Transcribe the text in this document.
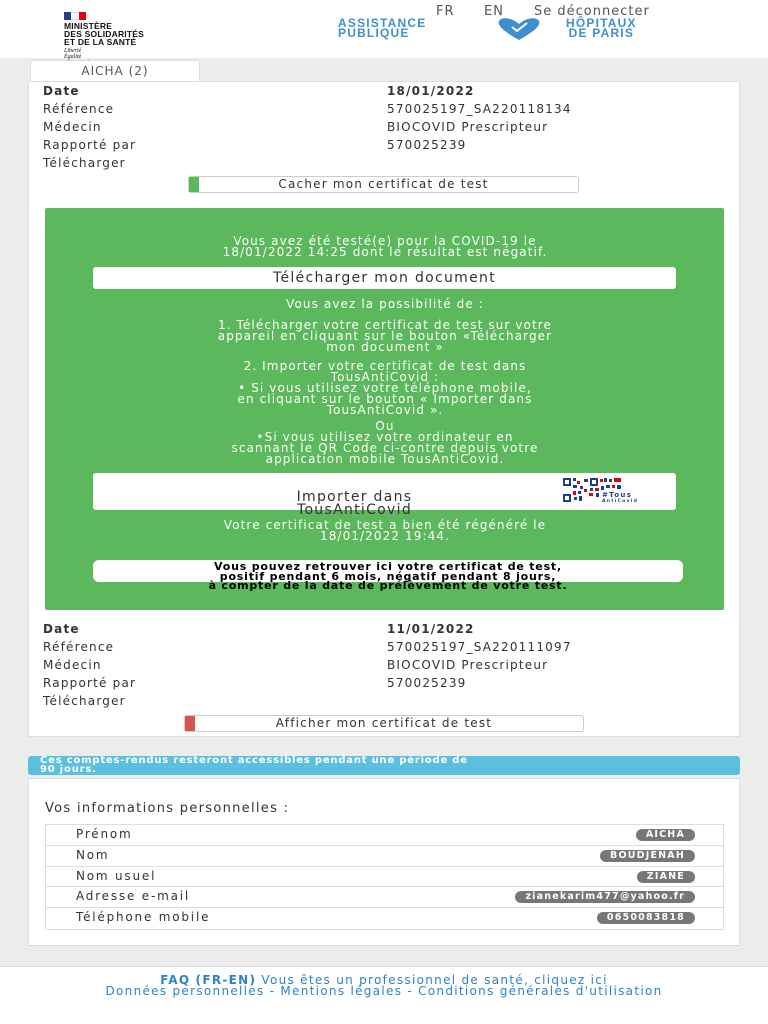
MINISTÈRE
DES SOLIDARITÉS
ET DE LA SANTÉ
Liberté
Égalité

FR EN Se déconnecter
ASSISTANCE
PUBLIQUE
HÔPITAUX
DE PARIS
AICHA (2)
Date	18/01/2022
Référence	570025197_SA220118134
Médecin	BIOCOVID Prescripteur
Rapporté par	570025239
Télécharger
Cacher mon certificat de test
Vous avez été testé(e) pour la COVID-19 le
18/01/2022 14:25 dont le résultat est négatif.
Télécharger mon document
Vous avez la possibilité de :
1. Télécharger votre certificat de test sur votre
appareil en cliquant sur le bouton «Télécharger
mon document »
2. Importer votre certificat de test dans
TousAntiCovid :
• Si vous utilisez votre téléphone mobile,
en cliquant sur le bouton « Importer dans
TousAntiCovid ».
Ou
•Si vous utilisez votre ordinateur en
scannant le QR Code ci-contre depuis votre
application mobile TousAntiCovid.

Importer dans
TousAntiCovid

#Tous
AntiCovid

Votre certificat de test a bien été régénéré le
18/01/2022 19:44.
Vous pouvez retrouver ici votre certificat de test,
positif pendant 6 mois, négatif pendant 8 jours,
à compter de la date de prélèvement de votre test.
Date	11/01/2022
Référence	570025197_SA220111097
Médecin	BIOCOVID Prescripteur
Rapporté par	570025239
Télécharger
Afficher mon certificat de test
Ces comptes-rendus resteront accessibles pendant une période de
90 jours.
Vos informations personnelles :
Prénom	AICHA
Nom	BOUDJENAH
Nom usuel	ZIANE
Adresse e-mail	zianekarim477@yahoo.fr
Téléphone mobile	0650083818
FAQ (FR-EN) Vous êtes un professionnel de santé, cliquez ici
Données personnelles - Mentions légales - Conditions générales d'utilisation
